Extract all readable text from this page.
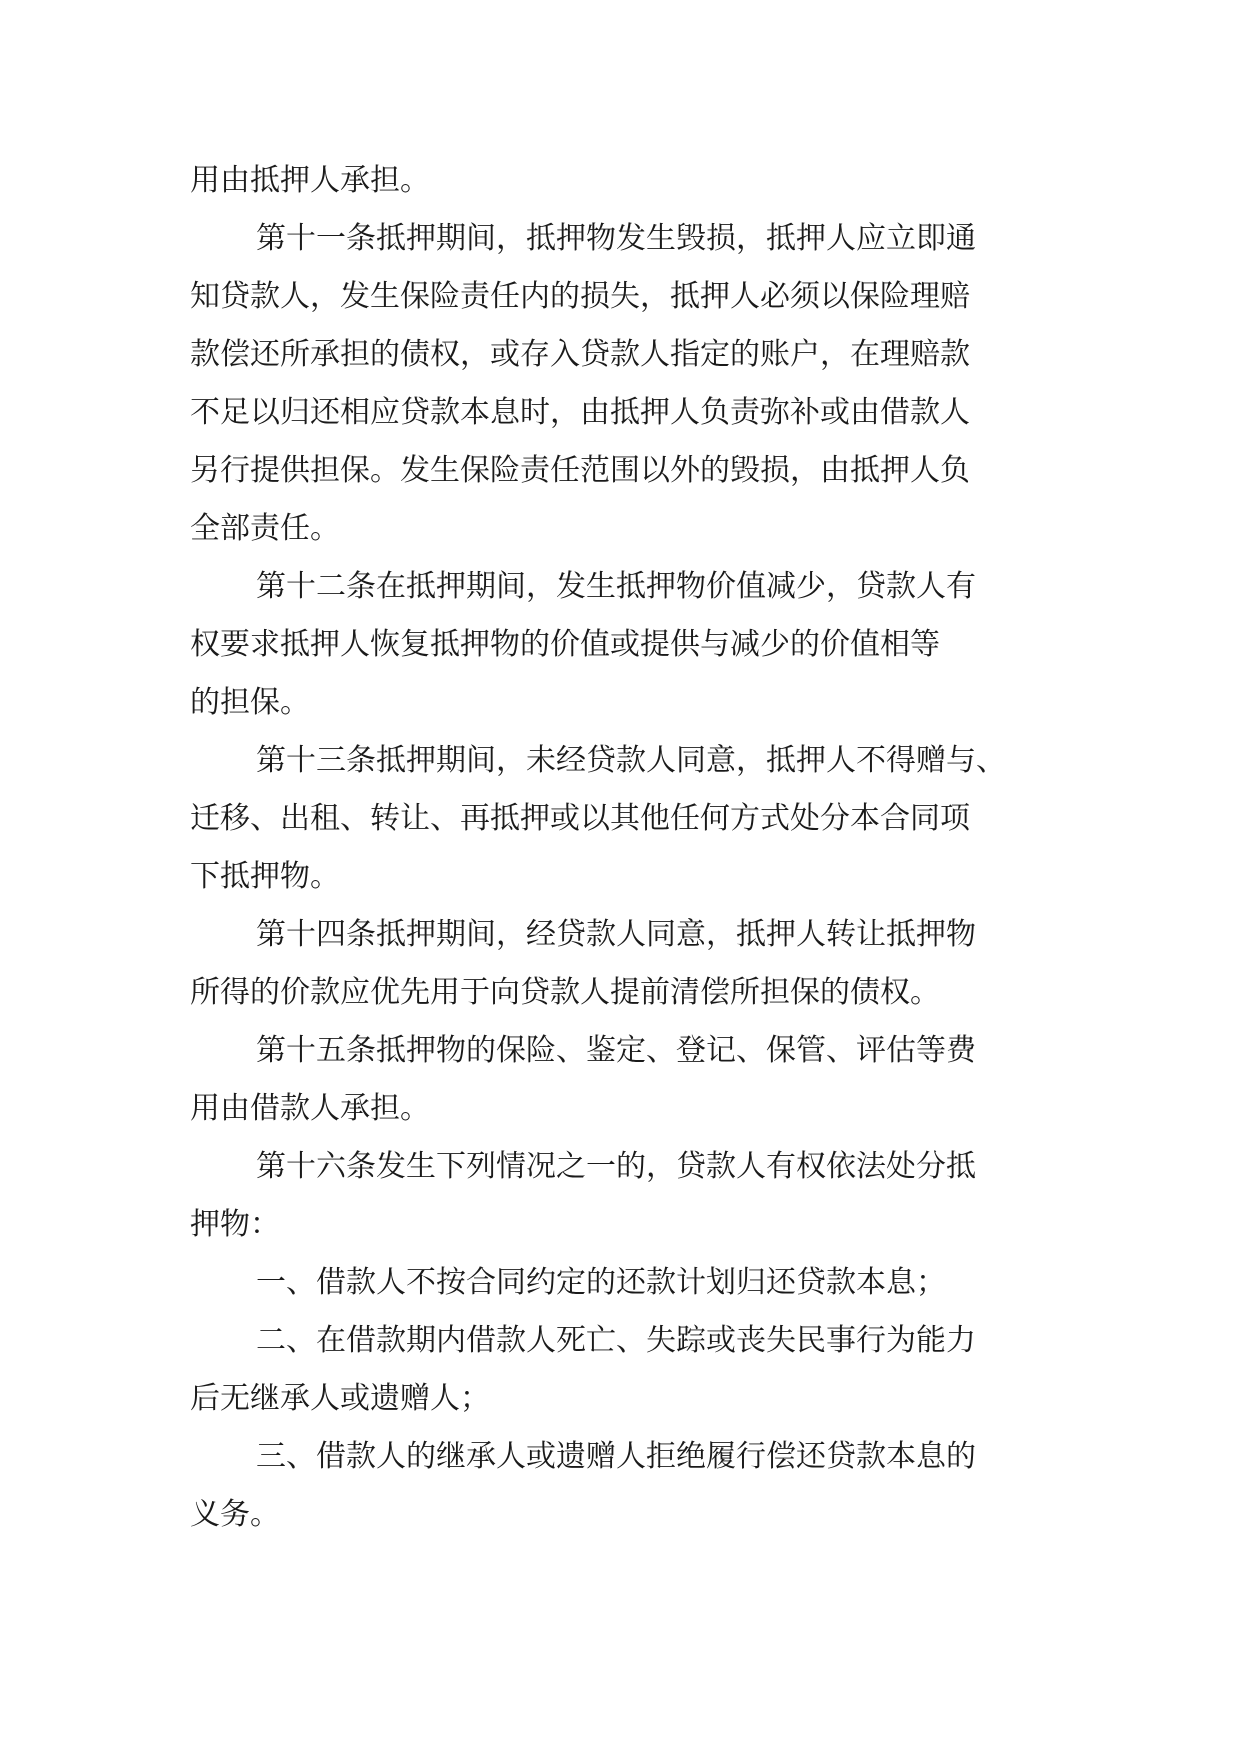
用由抵押人承担。
第十一条抵押期间，抵押物发生毁损，抵押人应立即通
知贷款人，发生保险责任内的损失，抵押人必须以保险理赔
款偿还所承担的债权，或存入贷款人指定的账户，在理赔款
不足以归还相应贷款本息时，由抵押人负责弥补或由借款人
另行提供担保。发生保险责任范围以外的毁损，由抵押人负
全部责任。
第十二条在抵押期间，发生抵押物价值减少，贷款人有
权要求抵押人恢复抵押物的价值或提供与减少的价值相等
的担保。
第十三条抵押期间，未经贷款人同意，抵押人不得赠与、
迁移、出租、转让、再抵押或以其他任何方式处分本合同项
下抵押物。
第十四条抵押期间，经贷款人同意，抵押人转让抵押物
所得的价款应优先用于向贷款人提前清偿所担保的债权。
第十五条抵押物的保险、鉴定、登记、保管、评估等费
用由借款人承担。
第十六条发生下列情况之一的，贷款人有权依法处分抵
押物：
一、借款人不按合同约定的还款计划归还贷款本息；
二、在借款期内借款人死亡、失踪或丧失民事行为能力
后无继承人或遗赠人；
三、借款人的继承人或遗赠人拒绝履行偿还贷款本息的
义务。
